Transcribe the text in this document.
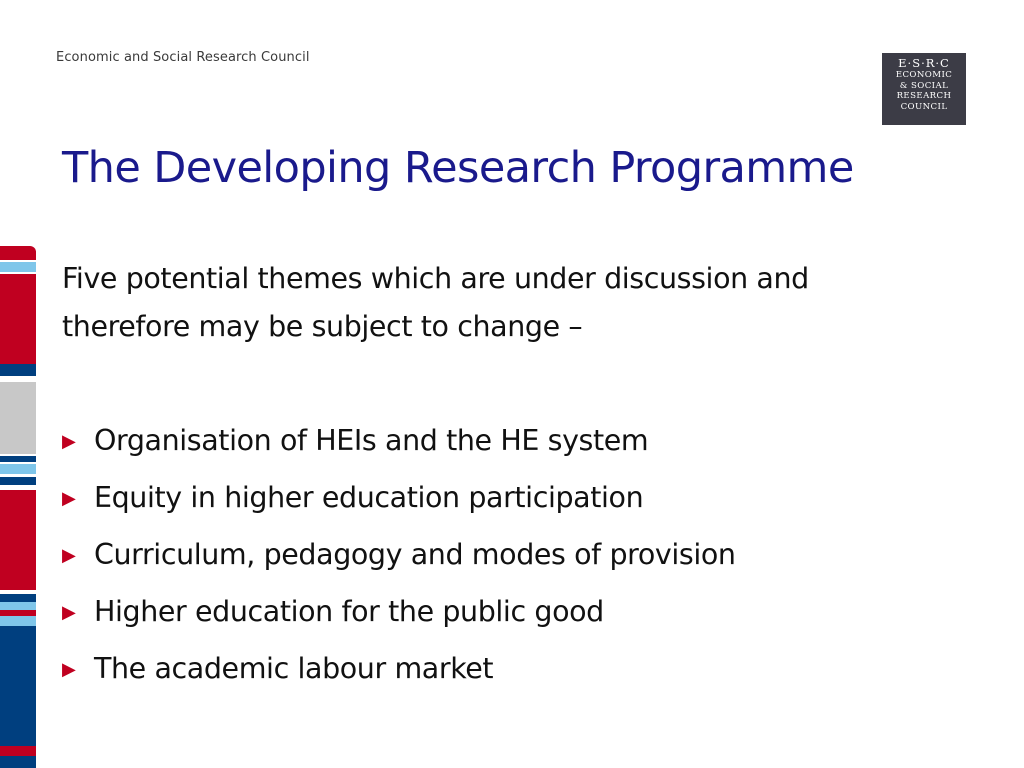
Economic and Social Research Council	E·S·R·C
ECONOMIC
& SOCIAL
RESEARCH
COUNCIL
The Developing Research Programme
Five potential themes which are under discussion and
therefore may be subject to change –
▶ Organisation of HEIs and the HE system
▶ Equity in higher education participation
▶ Curriculum, pedagogy and modes of provision
▶ Higher education for the public good
▶ The academic labour market
